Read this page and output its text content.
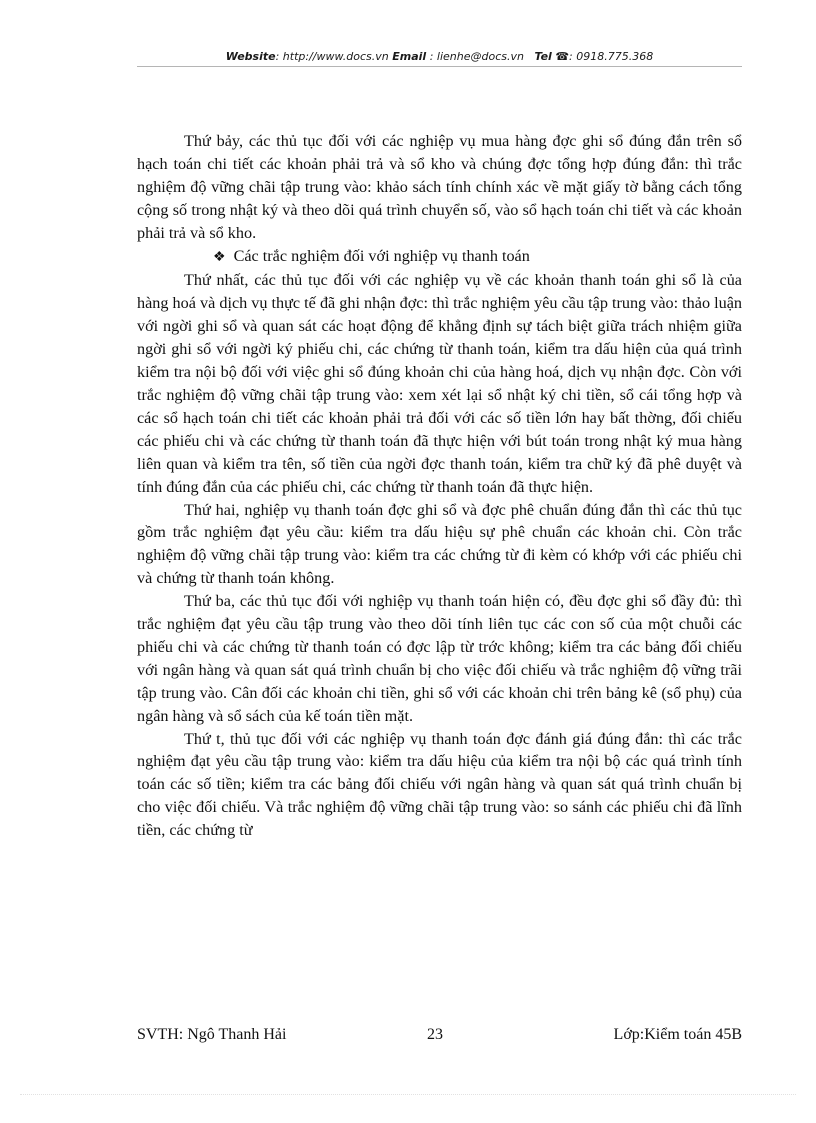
Website: http://www.docs.vn Email : lienhe@docs.vn Tel ☎: 0918.775.368

Thứ bảy, các thủ tục đối với các nghiệp vụ mua hàng đợc ghi sổ đúng đắn trên sổ hạch toán chi tiết các khoản phải trả và sổ kho và chúng đợc tổng hợp đúng đắn: thì trắc nghiệm độ vững chãi tập trung vào: khảo sách tính chính xác về mặt giấy tờ bằng cách tổng cộng số trong nhật ký và theo dõi quá trình chuyển số, vào sổ hạch toán chi tiết và các khoản phải trả và sổ kho.

❖ Các trắc nghiệm đối với nghiệp vụ thanh toán

Thứ nhất, các thủ tục đối với các nghiệp vụ về các khoản thanh toán ghi sổ là của hàng hoá và dịch vụ thực tế đã ghi nhận đợc: thì trắc nghiệm yêu cầu tập trung vào: thảo luận với ngời ghi sổ và quan sát các hoạt động để khẳng định sự tách biệt giữa trách nhiệm giữa ngời ghi sổ với ngời ký phiếu chi, các chứng từ thanh toán, kiểm tra dấu hiện của quá trình kiểm tra nội bộ đối với việc ghi sổ đúng khoản chi của hàng hoá, dịch vụ nhận đợc. Còn với trắc nghiệm độ vững chãi tập trung vào: xem xét lại sổ nhật ký chi tiền, sổ cái tổng hợp và các sổ hạch toán chi tiết các khoản phải trả đối với các số tiền lớn hay bất thờng, đối chiếu các phiếu chi và các chứng từ thanh toán đã thực hiện với bút toán trong nhật ký mua hàng liên quan và kiểm tra tên, số tiền của ngời đợc thanh toán, kiểm tra chữ ký đã phê duyệt và tính đúng đắn của các phiếu chi, các chứng từ thanh toán đã thực hiện.

Thứ hai, nghiệp vụ thanh toán đợc ghi sổ và đợc phê chuẩn đúng đắn thì các thủ tục gồm trắc nghiệm đạt yêu cầu: kiểm tra dấu hiệu sự phê chuẩn các khoản chi. Còn trắc nghiệm độ vững chãi tập trung vào: kiểm tra các chứng từ đi kèm có khớp với các phiếu chi và chứng từ thanh toán không.

Thứ ba, các thủ tục đối với nghiệp vụ thanh toán hiện có, đều đợc ghi sổ đầy đủ: thì trắc nghiệm đạt yêu cầu tập trung vào theo dõi tính liên tục các con số của một chuỗi các phiếu chi và các chứng từ thanh toán có đợc lập từ trớc không; kiểm tra các bảng đối chiếu với ngân hàng và quan sát quá trình chuẩn bị cho việc đối chiếu và trắc nghiệm độ vững trãi tập trung vào. Cân đối các khoản chi tiền, ghi sổ với các khoản chi trên bảng kê (sổ phụ) của ngân hàng và sổ sách của kế toán tiền mặt.

Thứ t, thủ tục đối với các nghiệp vụ thanh toán đợc đánh giá đúng đắn: thì các trắc nghiệm đạt yêu cầu tập trung vào: kiểm tra dấu hiệu của kiểm tra nội bộ các quá trình tính toán các số tiền; kiểm tra các bảng đối chiếu với ngân hàng và quan sát quá trình chuẩn bị cho việc đối chiếu. Và trắc nghiệm độ vững chãi tập trung vào: so sánh các phiếu chi đã lĩnh tiền, các chứng từ

SVTH: Ngô Thanh Hải	23	Lớp:Kiểm toán 45B
